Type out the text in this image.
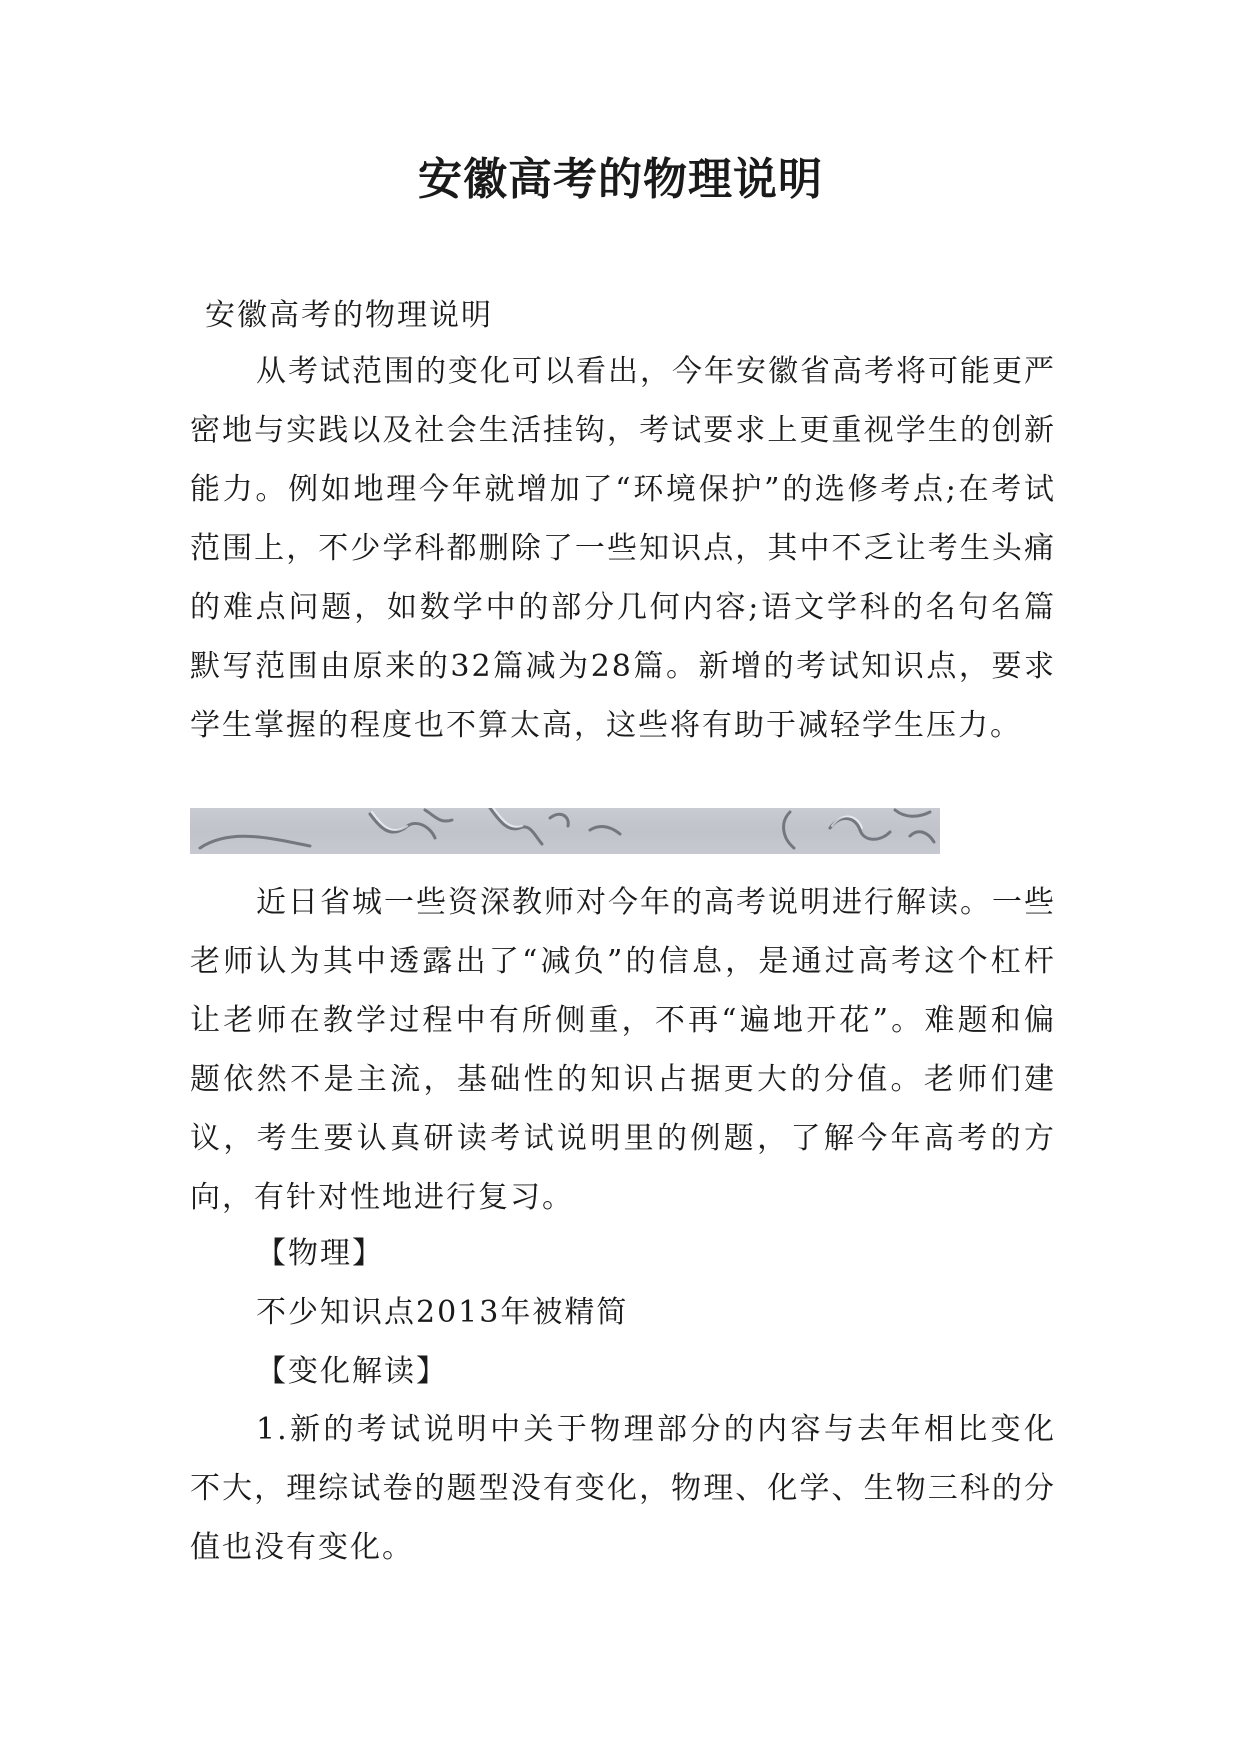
安徽高考的物理说明

安徽高考的物理说明

从考试范围的变化可以看出，今年安徽省高考将可能更严密地与实践以及社会生活挂钩，考试要求上更重视学生的创新能力。例如地理今年就增加了“环境保护”的选修考点;在考试范围上，不少学科都删除了一些知识点，其中不乏让考生头痛的难点问题，如数学中的部分几何内容;语文学科的名句名篇默写范围由原来的32篇减为28篇。新增的考试知识点，要求学生掌握的程度也不算太高，这些将有助于减轻学生压力。

近日省城一些资深教师对今年的高考说明进行解读。一些老师认为其中透露出了“减负”的信息，是通过高考这个杠杆让老师在教学过程中有所侧重，不再“遍地开花”。难题和偏题依然不是主流，基础性的知识占据更大的分值。老师们建议，考生要认真研读考试说明里的例题，了解今年高考的方向，有针对性地进行复习。

【物理】

不少知识点2013年被精简

【变化解读】

1.新的考试说明中关于物理部分的内容与去年相比变化不大，理综试卷的题型没有变化，物理、化学、生物三科的分值也没有变化。
